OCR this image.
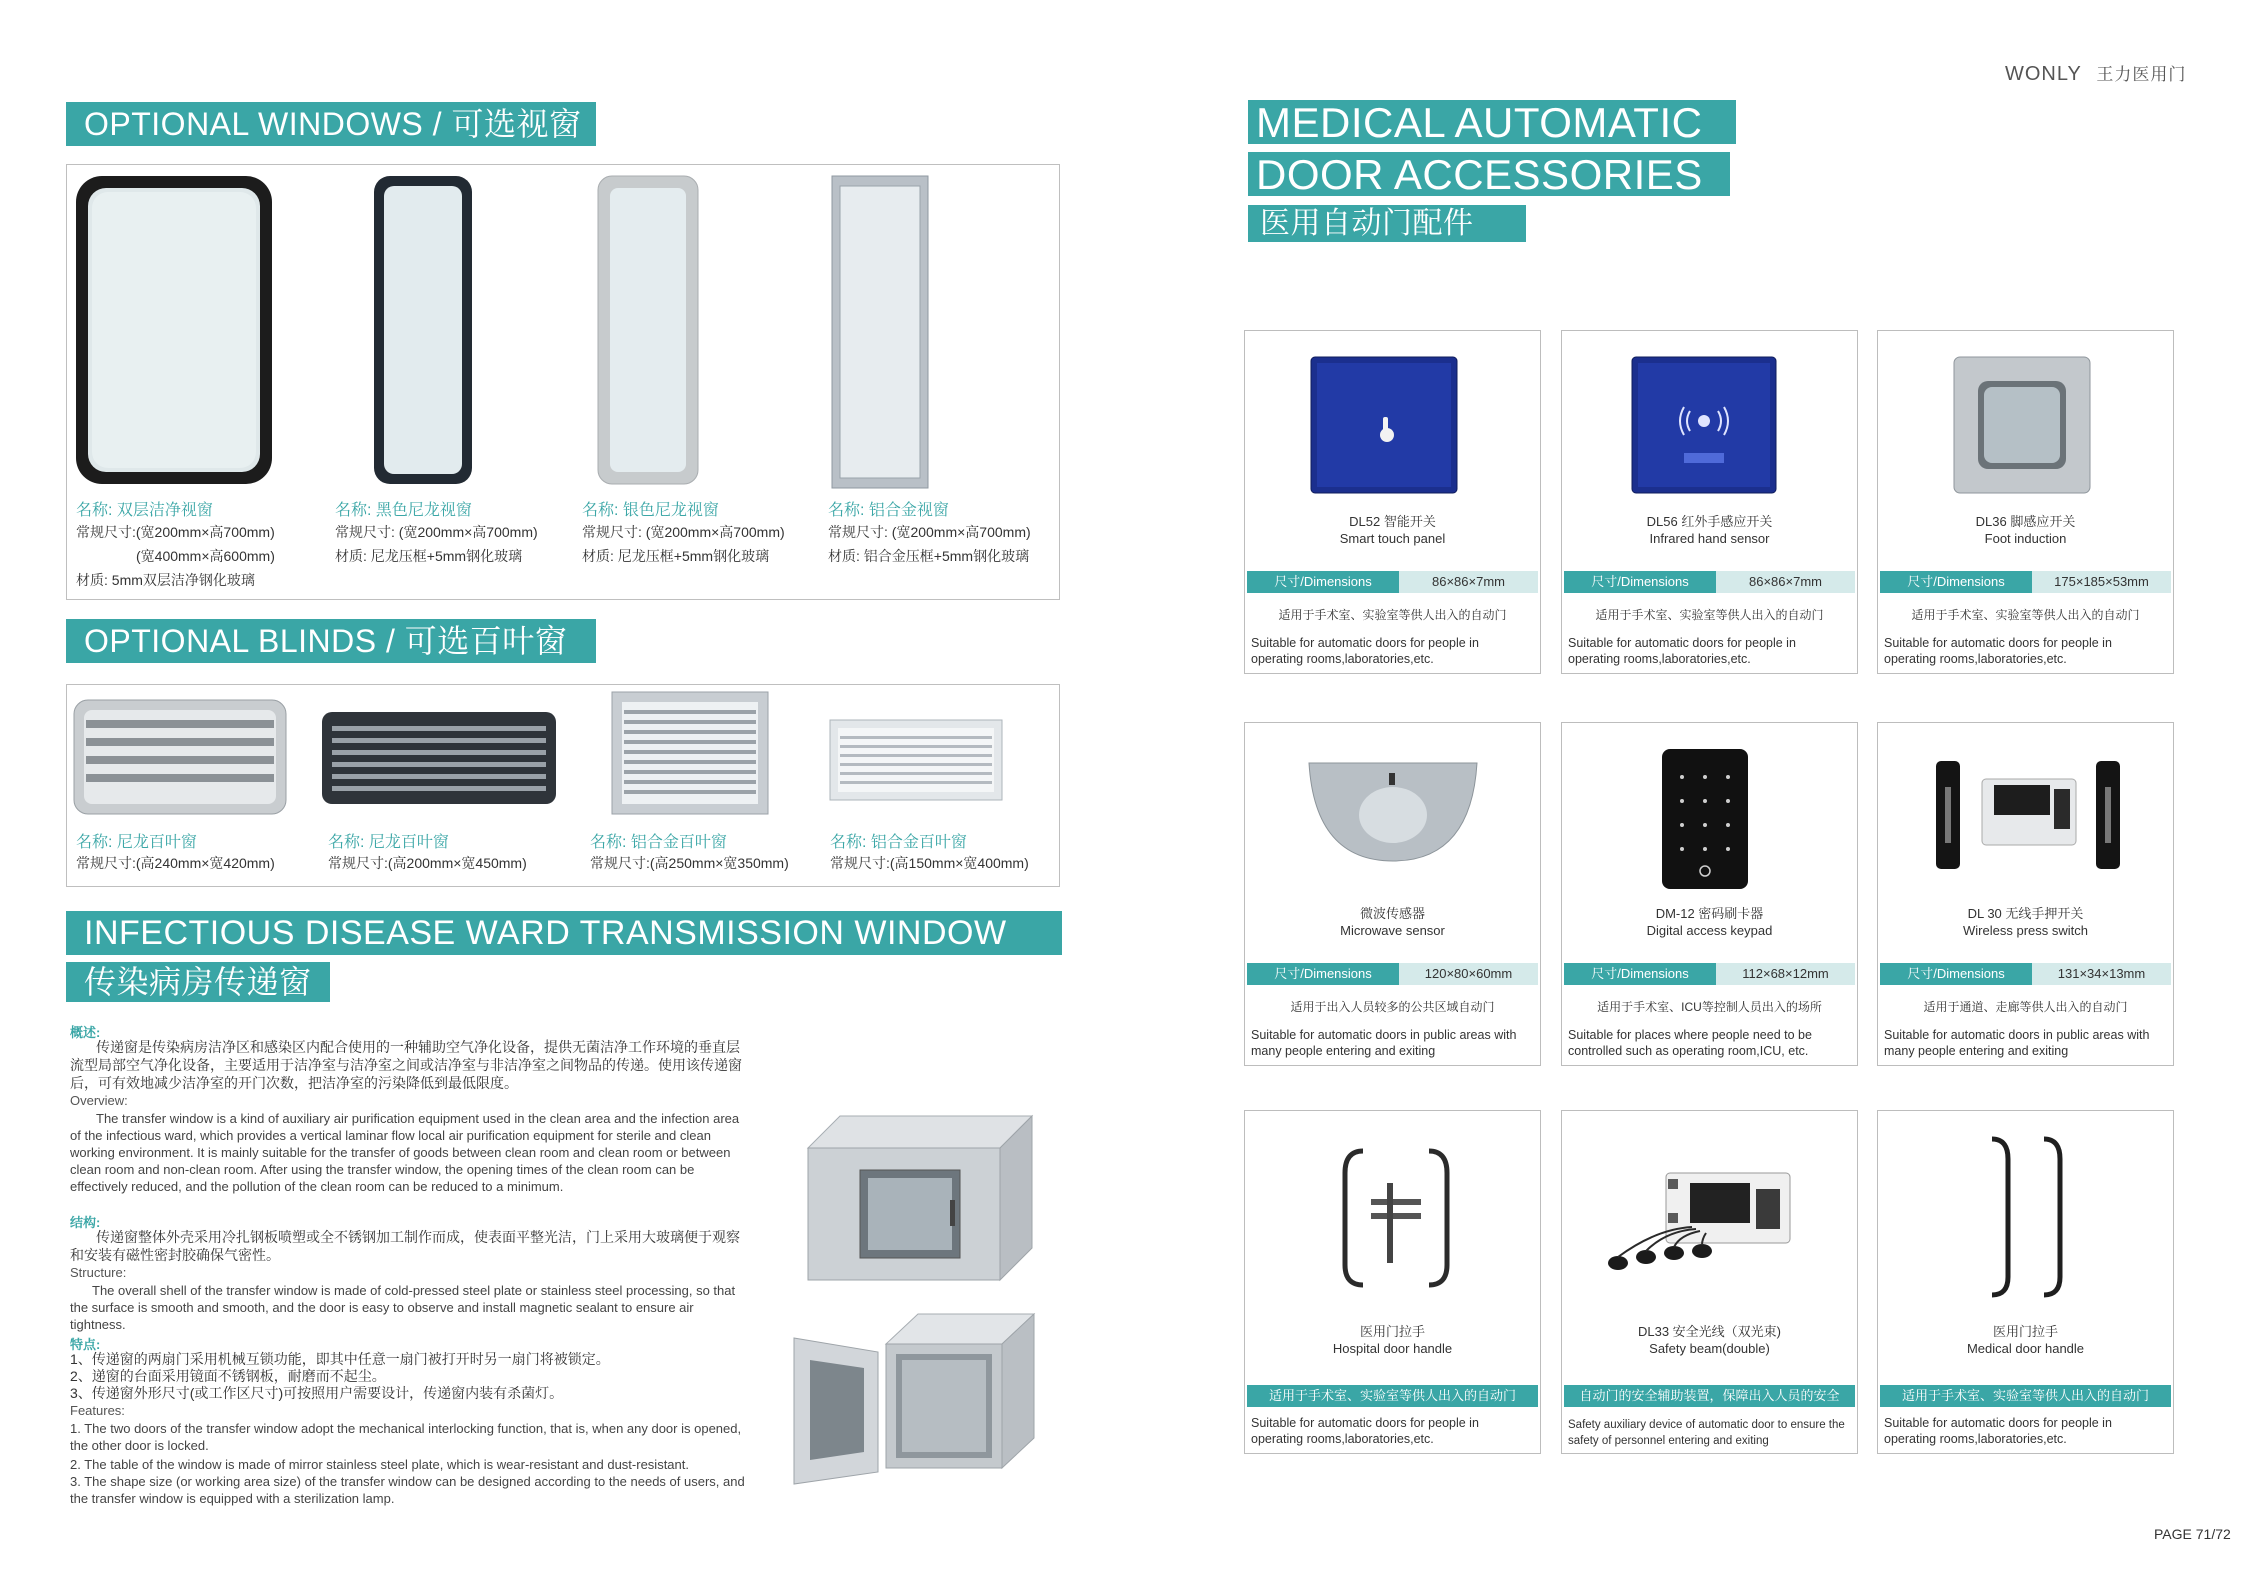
WONLY 王力医用门
OPTIONAL WINDOWS / 可选视窗
名称: 双层洁净视窗
常规尺寸:(宽200mm×高700mm)
(宽400mm×高600mm)
材质: 5mm双层洁净钢化玻璃
名称: 黑色尼龙视窗
常规尺寸: (宽200mm×高700mm)
材质: 尼龙压框+5mm钢化玻璃
名称: 银色尼龙视窗
常规尺寸: (宽200mm×高700mm)
材质: 尼龙压框+5mm钢化玻璃
名称: 铝合金视窗
常规尺寸: (宽200mm×高700mm)
材质: 铝合金压框+5mm钢化玻璃
OPTIONAL BLINDS / 可选百叶窗
名称: 尼龙百叶窗
常规尺寸:(高240mm×宽420mm)
名称: 尼龙百叶窗
常规尺寸:(高200mm×宽450mm)
名称: 铝合金百叶窗
常规尺寸:(高250mm×宽350mm)
名称: 铝合金百叶窗
常规尺寸:(高150mm×宽400mm)
INFECTIOUS DISEASE WARD TRANSMISSION WINDOW
传染病房传递窗
概述:
传递窗是传染病房洁净区和感染区内配合使用的一种辅助空气净化设备，提供无菌洁净工作环境的垂直层流型局部空气净化设备，主要适用于洁净室与洁净室之间或洁净室与非洁净室之间物品的传递。使用该传递窗后，可有效地减少洁净室的开门次数，把洁净室的污染降低到最低限度。
Overview:
The transfer window is a kind of auxiliary air purification equipment used in the clean area and the infection area of the infectious ward, which provides a vertical laminar flow local air purification equipment for sterile and clean working environment. It is mainly suitable for the transfer of goods between clean room and clean room or between clean room and non-clean room. After using the transfer window, the opening times of the clean room can be effectively reduced, and the pollution of the clean room can be reduced to a minimum.
结构:
传递窗整体外壳采用冷扎钢板喷塑或全不锈钢加工制作而成，使表面平整光洁，门上采用大玻璃便于观察和安装有磁性密封胶确保气密性。
Structure:
The overall shell of the transfer window is made of cold-pressed steel plate or stainless steel processing, so that the surface is smooth and smooth, and the door is easy to observe and install magnetic sealant to ensure air tightness.
特点:
1、传递窗的两扇门采用机械互锁功能，即其中任意一扇门被打开时另一扇门将被锁定。
2、递窗的台面采用镜面不锈钢板，耐磨而不起尘。
3、传递窗外形尺寸(或工作区尺寸)可按照用户需要设计，传递窗内装有杀菌灯。
Features:
1. The two doors of the transfer window adopt the mechanical interlocking function, that is, when any door is opened, the other door is locked.
2. The table of the window is made of mirror stainless steel plate, which is wear-resistant and dust-resistant.
3. The shape size (or working area size) of the transfer window can be designed according to the needs of users, and the transfer window is equipped with a sterilization lamp.
MEDICAL AUTOMATIC
DOOR ACCESSORIES
医用自动门配件
DL52 智能开关
Smart touch panel
尺寸/Dimensions	86×86×7mm
适用于手术室、实验室等供人出入的自动门
Suitable for automatic doors for people in operating rooms,laboratories,etc.
DL56 红外手感应开关
Infrared hand sensor
尺寸/Dimensions	86×86×7mm
适用于手术室、实验室等供人出入的自动门
Suitable for automatic doors for people in operating rooms,laboratories,etc.
DL36 脚感应开关
Foot induction
尺寸/Dimensions	175×185×53mm
适用于手术室、实验室等供人出入的自动门
Suitable for automatic doors for people in operating rooms,laboratories,etc.
微波传感器
Microwave sensor
尺寸/Dimensions	120×80×60mm
适用于出入人员较多的公共区域自动门
Suitable for automatic doors in public areas with many people entering and exiting
DM-12 密码刷卡器
Digital access keypad
尺寸/Dimensions	112×68×12mm
适用于手术室、ICU等控制人员出入的场所
Suitable for places where people need to be controlled such as operating room,ICU, etc.
DL 30 无线手押开关
Wireless press switch
尺寸/Dimensions	131×34×13mm
适用于通道、走廊等供人出入的自动门
Suitable for automatic doors in public areas with many people entering and exiting
医用门拉手
Hospital door handle
适用于手术室、实验室等供人出入的自动门
Suitable for automatic doors for people in operating rooms,laboratories,etc.
DL33 安全光线（双光束)
Safety beam(double)
自动门的安全辅助装置，保障出入人员的安全
Safety auxiliary device of automatic door to ensure the safety of personnel entering and exiting
医用门拉手
Medical door handle
适用于手术室、实验室等供人出入的自动门
Suitable for automatic doors for people in operating rooms,laboratories,etc.
PAGE 71/72
